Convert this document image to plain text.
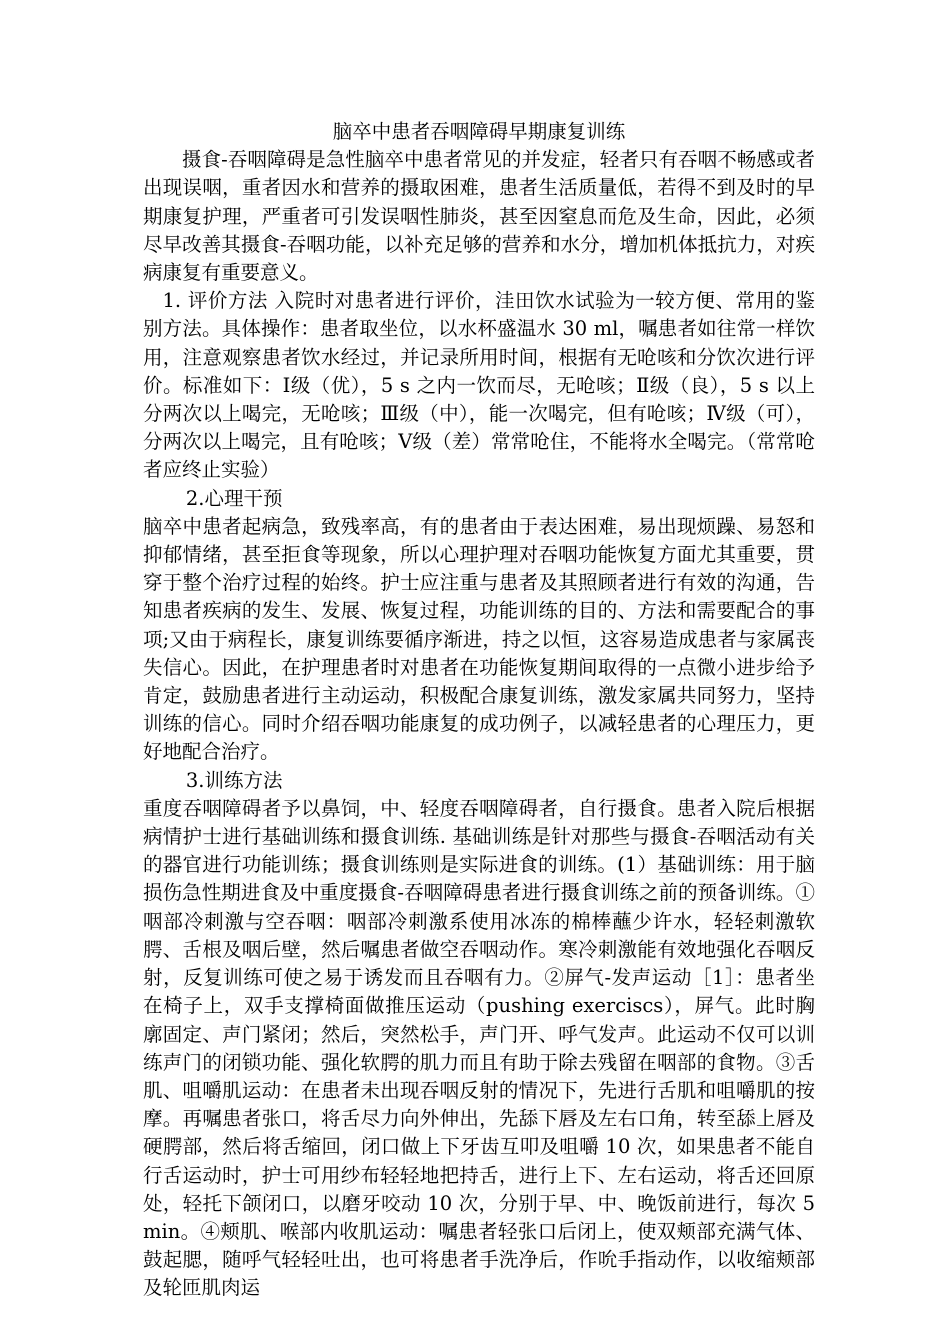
脑卒中患者吞咽障碍早期康复训练

摄食-吞咽障碍是急性脑卒中患者常见的并发症，轻者只有吞咽不畅感或者出现误咽，重者因水和营养的摄取困难，患者生活质量低，若得不到及时的早期康复护理，严重者可引发误咽性肺炎，甚至因窒息而危及生命，因此，必须尽早改善其摄食-吞咽功能，以补充足够的营养和水分，增加机体抵抗力，对疾病康复有重要意义。

1. 评价方法 入院时对患者进行评价，洼田饮水试验为一较方便、常用的鉴别方法。具体操作：患者取坐位，以水杯盛温水 30 ml，嘱患者如往常一样饮用，注意观察患者饮水经过，并记录所用时间，根据有无呛咳和分饮次进行评价。标准如下：Ⅰ级（优），5 s 之内一饮而尽，无呛咳；Ⅱ级（良），5 s 以上分两次以上喝完，无呛咳；Ⅲ级（中），能一次喝完，但有呛咳；Ⅳ级（可），分两次以上喝完，且有呛咳；Ⅴ级（差）常常呛住，不能将水全喝完。（常常呛者应终止实验）

2.心理干预

脑卒中患者起病急，致残率高，有的患者由于表达困难，易出现烦躁、易怒和抑郁情绪，甚至拒食等现象，所以心理护理对吞咽功能恢复方面尤其重要，贯穿于整个治疗过程的始终。护士应注重与患者及其照顾者进行有效的沟通，告知患者疾病的发生、发展、恢复过程，功能训练的目的、方法和需要配合的事项;又由于病程长，康复训练要循序渐进，持之以恒，这容易造成患者与家属丧失信心。因此，在护理患者时对患者在功能恢复期间取得的一点微小进步给予肯定，鼓励患者进行主动运动，积极配合康复训练，激发家属共同努力，坚持训练的信心。同时介绍吞咽功能康复的成功例子，以减轻患者的心理压力，更好地配合治疗。

3.训练方法

重度吞咽障碍者予以鼻饲，中、轻度吞咽障碍者，自行摄食。患者入院后根据病情护士进行基础训练和摄食训练. 基础训练是针对那些与摄食-吞咽活动有关的器官进行功能训练；摄食训练则是实际进食的训练。(1）基础训练：用于脑损伤急性期进食及中重度摄食-吞咽障碍患者进行摄食训练之前的预备训练。①咽部冷刺激与空吞咽：咽部冷刺激系使用冰冻的棉棒蘸少许水，轻轻刺激软腭、舌根及咽后壁，然后嘱患者做空吞咽动作。寒冷刺激能有效地强化吞咽反射，反复训练可使之易于诱发而且吞咽有力。②屏气-发声运动［1］：患者坐在椅子上，双手支撑椅面做推压运动（pushing exerciscs），屏气。此时胸廓固定、声门紧闭；然后，突然松手，声门开、呼气发声。此运动不仅可以训练声门的闭锁功能、强化软腭的肌力而且有助于除去残留在咽部的食物。③舌肌、咀嚼肌运动：在患者未出现吞咽反射的情况下，先进行舌肌和咀嚼肌的按摩。再嘱患者张口，将舌尽力向外伸出，先舔下唇及左右口角，转至舔上唇及硬腭部，然后将舌缩回，闭口做上下牙齿互叩及咀嚼 10 次，如果患者不能自行舌运动时，护士可用纱布轻轻地把持舌，进行上下、左右运动，将舌还回原处，轻托下颌闭口，以磨牙咬动 10 次，分别于早、中、晚饭前进行，每次 5 min。④颊肌、喉部内收肌运动：嘱患者轻张口后闭上，使双颊部充满气体、鼓起腮，随呼气轻轻吐出，也可将患者手洗净后，作吮手指动作，以收缩颊部及轮匝肌肉运
